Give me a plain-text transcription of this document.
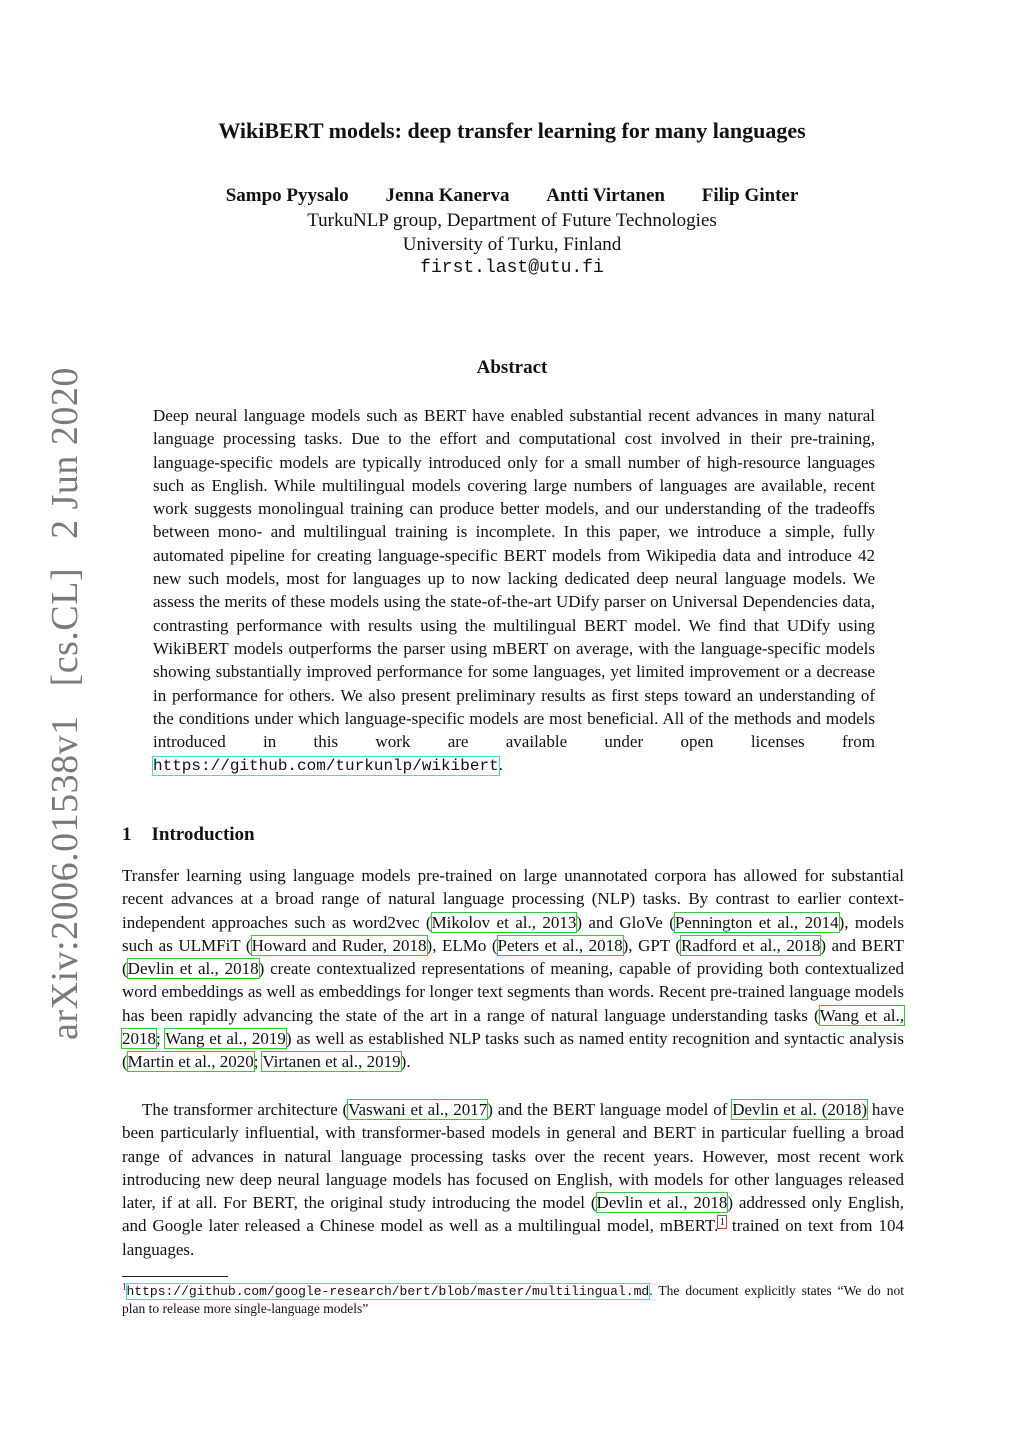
arXiv:2006.01538v1 [cs.CL] 2 Jun 2020
WikiBERT models: deep transfer learning for many languages
Sampo Pyysalo Jenna Kanerva Antti Virtanen Filip Ginter
TurkuNLP group, Department of Future Technologies
University of Turku, Finland
first.last@utu.fi
Abstract
Deep neural language models such as BERT have enabled substantial recent advances in many natural language processing tasks. Due to the effort and computational cost involved in their pre-training, language-specific models are typically introduced only for a small number of high-resource languages such as English. While multilingual models covering large numbers of languages are available, recent work suggests monolingual training can produce better models, and our understanding of the tradeoffs between mono- and multilingual training is incomplete. In this paper, we introduce a simple, fully automated pipeline for creating language-specific BERT models from Wikipedia data and introduce 42 new such models, most for languages up to now lacking dedicated deep neural language models. We assess the merits of these models using the state-of-the-art UDify parser on Universal Dependencies data, contrasting performance with results using the multilingual BERT model. We find that UDify using WikiBERT models outperforms the parser using mBERT on average, with the language-specific models showing substantially improved performance for some languages, yet limited improvement or a decrease in performance for others. We also present preliminary results as first steps toward an understanding of the conditions under which language-specific models are most beneficial. All of the methods and models introduced in this work are available under open licenses from https://github.com/turkunlp/wikibert.
1 Introduction
Transfer learning using language models pre-trained on large unannotated corpora has allowed for substantial recent advances at a broad range of natural language processing (NLP) tasks. By contrast to earlier context-independent approaches such as word2vec (Mikolov et al., 2013) and GloVe (Pennington et al., 2014), models such as ULMFiT (Howard and Ruder, 2018), ELMo (Peters et al., 2018), GPT (Radford et al., 2018) and BERT (Devlin et al., 2018) create contextualized representations of meaning, capable of providing both contextualized word embeddings as well as embeddings for longer text segments than words. Recent pre-trained language models has been rapidly advancing the state of the art in a range of natural language understanding tasks (Wang et al., 2018; Wang et al., 2019) as well as established NLP tasks such as named entity recognition and syntactic analysis (Martin et al., 2020; Virtanen et al., 2019).
The transformer architecture (Vaswani et al., 2017) and the BERT language model of Devlin et al. (2018) have been particularly influential, with transformer-based models in general and BERT in particular fuelling a broad range of advances in natural language processing tasks over the recent years. However, most recent work introducing new deep neural language models has focused on English, with models for other languages released later, if at all. For BERT, the original study introducing the model (Devlin et al., 2018) addressed only English, and Google later released a Chinese model as well as a multilingual model, mBERT.$^1$ trained on text from 104 languages.
$^1$https://github.com/google-research/bert/blob/master/multilingual.md. The document explicitly states “We do not plan to release more single-language models”
